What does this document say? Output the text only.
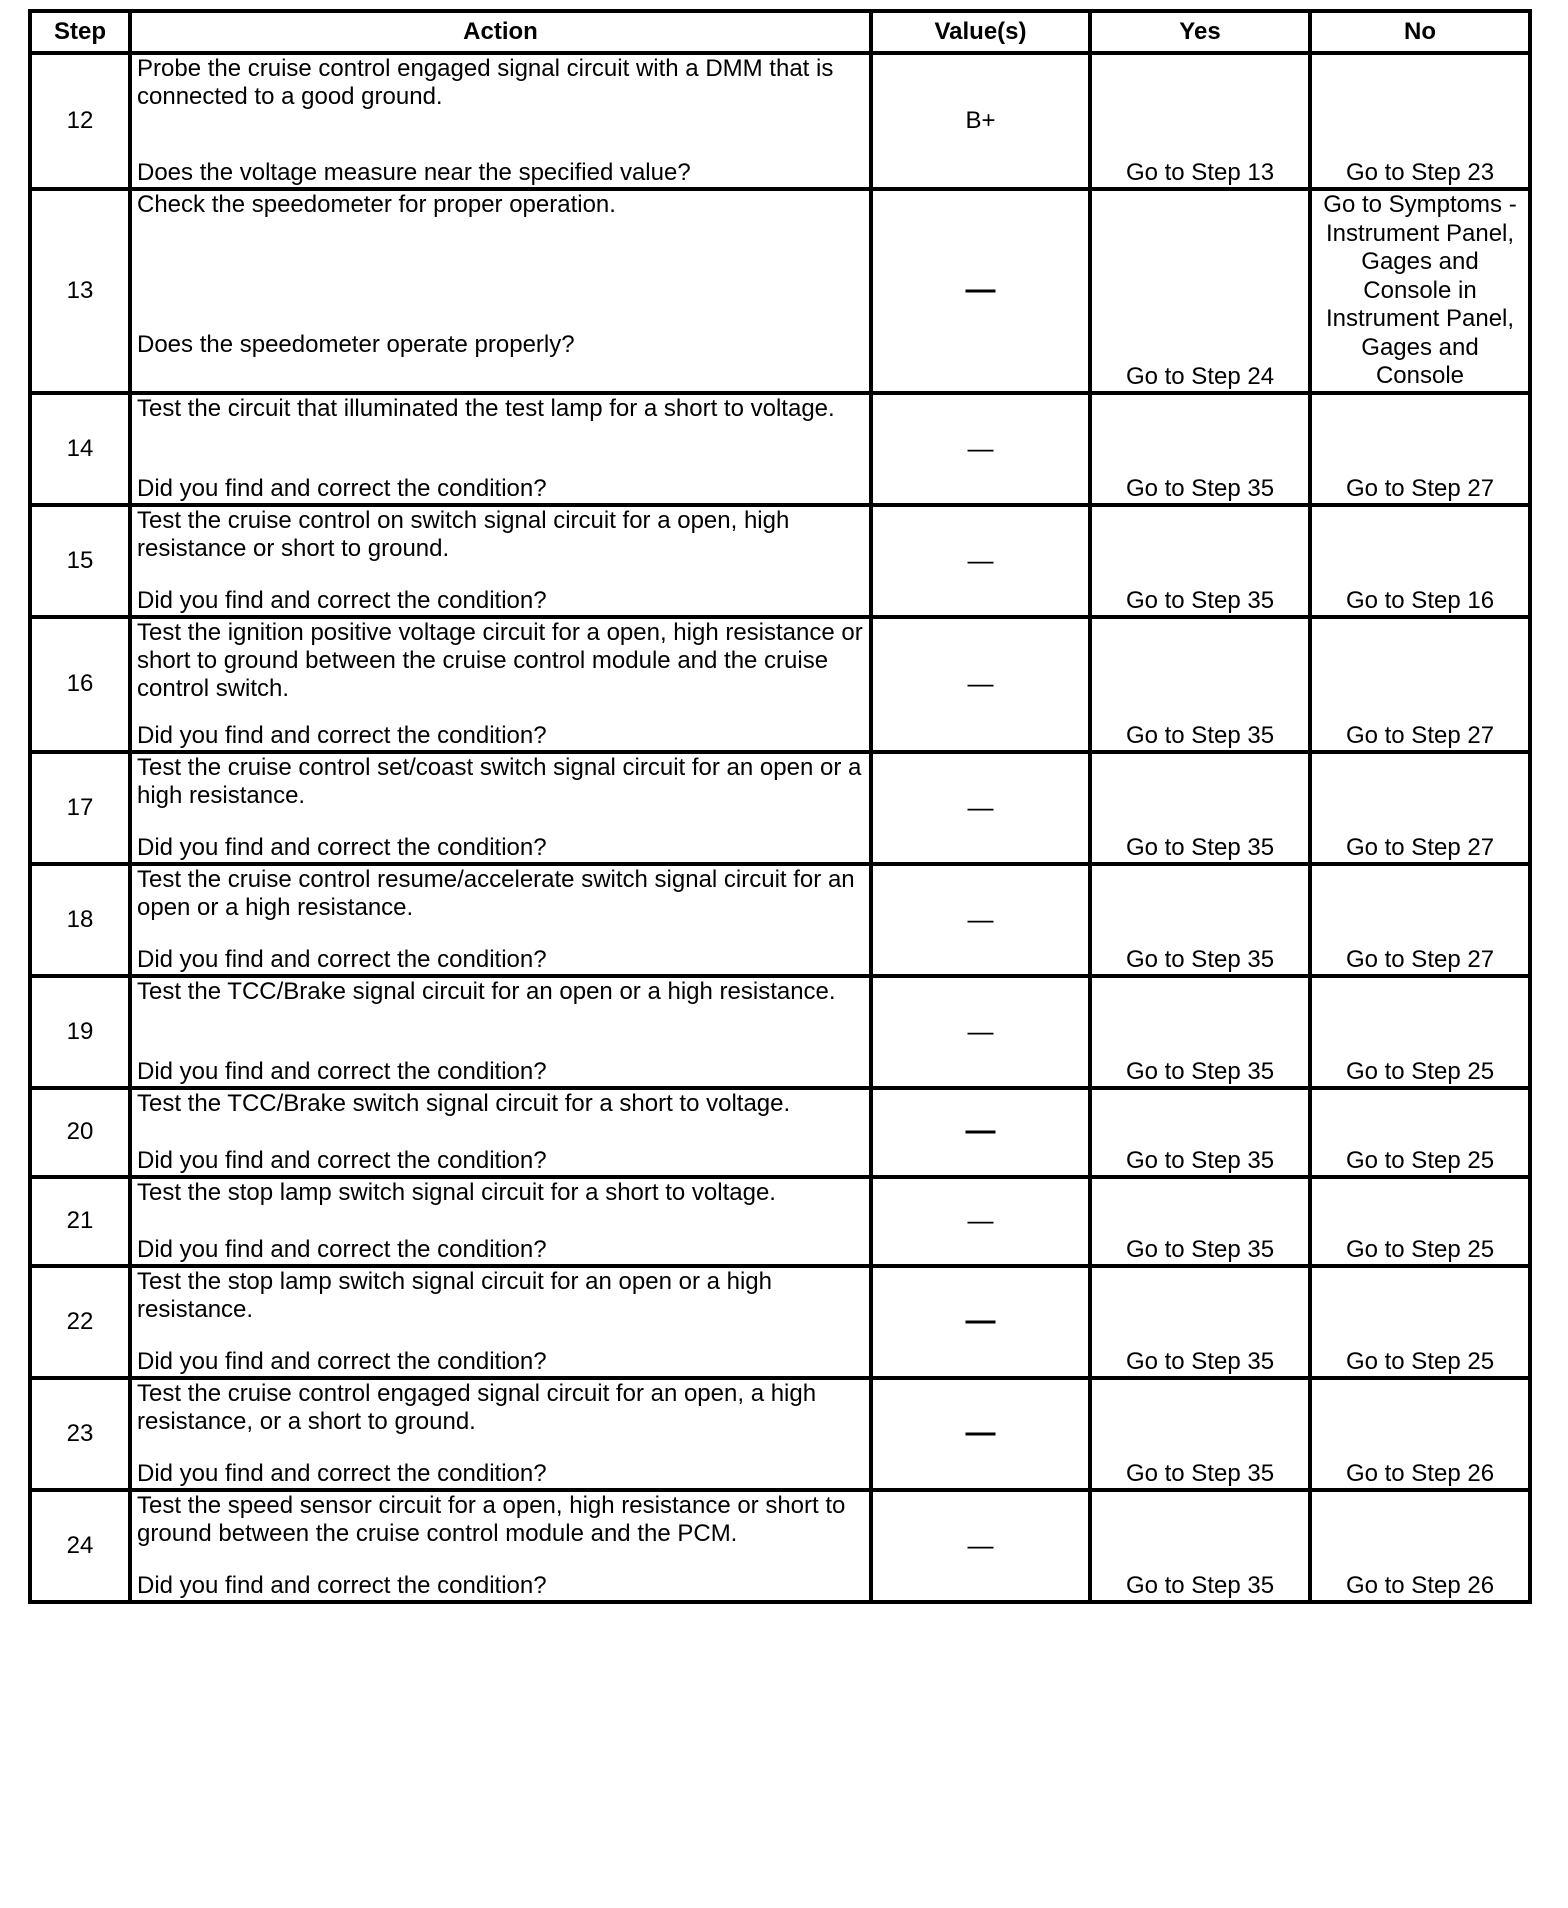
Step	Action	Value(s)	Yes	No
12	Probe the cruise control engaged signal circuit with a DMM that is connected to a good ground.
Does the voltage measure near the specified value?	B+	Go to Step 13	Go to Step 23
13	Check the speedometer for proper operation.
Does the speedometer operate properly?	—	Go to Step 24	Go to Symptoms - Instrument Panel, Gages and Console in Instrument Panel, Gages and Console

14	Test the circuit that illuminated the test lamp for a short to voltage.
Did you find and correct the condition?	—	Go to Step 35	Go to Step 27
15	Test the cruise control on switch signal circuit for a open, high resistance or short to ground.
Did you find and correct the condition?	—	Go to Step 35	Go to Step 16
16	Test the ignition positive voltage circuit for a open, high resistance or short to ground between the cruise control module and the cruise control switch.
Did you find and correct the condition?	—	Go to Step 35	Go to Step 27
17	Test the cruise control set/coast switch signal circuit for an open or a high resistance.
Did you find and correct the condition?	—	Go to Step 35	Go to Step 27
18	Test the cruise control resume/accelerate switch signal circuit for an open or a high resistance.
Did you find and correct the condition?	—	Go to Step 35	Go to Step 27
19	Test the TCC/Brake signal circuit for an open or a high resistance.
Did you find and correct the condition?	—	Go to Step 35	Go to Step 25
20	Test the TCC/Brake switch signal circuit for a short to voltage.
Did you find and correct the condition?	—	Go to Step 35	Go to Step 25
21	Test the stop lamp switch signal circuit for a short to voltage.
Did you find and correct the condition?	—	Go to Step 35	Go to Step 25
22	Test the stop lamp switch signal circuit for an open or a high resistance.
Did you find and correct the condition?	—	Go to Step 35	Go to Step 25
23	Test the cruise control engaged signal circuit for an open, a high resistance, or a short to ground.
Did you find and correct the condition?	—	Go to Step 35	Go to Step 26
24	Test the speed sensor circuit for a open, high resistance or short to ground between the cruise control module and the PCM.
Did you find and correct the condition?	—	Go to Step 35	Go to Step 26
